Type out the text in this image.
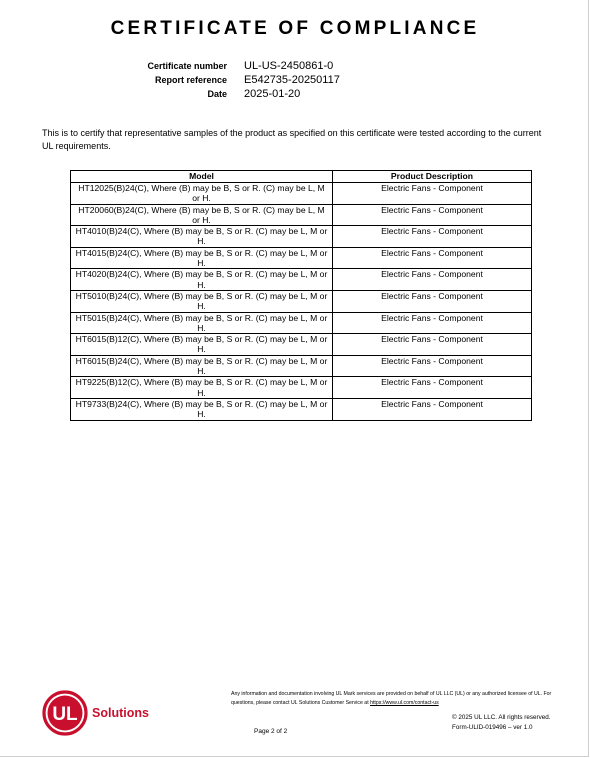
CERTIFICATE OF COMPLIANCE
Certificate number UL-US-2450861-0
Report reference E542735-20250117
Date 2025-01-20
This is to certify that representative samples of the product as specified on this certificate were tested according to the current UL requirements.
Model	Product Description
HT12025(B)24(C), Where (B) may be B, S or R. (C) may be L, M or H.	Electric Fans - Component
HT20060(B)24(C), Where (B) may be B, S or R. (C) may be L, M or H.	Electric Fans - Component
HT4010(B)24(C), Where (B) may be B, S or R. (C) may be L, M or H.	Electric Fans - Component
HT4015(B)24(C), Where (B) may be B, S or R. (C) may be L, M or H.	Electric Fans - Component
HT4020(B)24(C), Where (B) may be B, S or R. (C) may be L, M or H.	Electric Fans - Component
HT5010(B)24(C), Where (B) may be B, S or R. (C) may be L, M or H.	Electric Fans - Component
HT5015(B)24(C), Where (B) may be B, S or R. (C) may be L, M or H.	Electric Fans - Component
HT6015(B)12(C), Where (B) may be B, S or R. (C) may be L, M or H.	Electric Fans - Component
HT6015(B)24(C), Where (B) may be B, S or R. (C) may be L, M or H.	Electric Fans - Component
HT9225(B)12(C), Where (B) may be B, S or R. (C) may be L, M or H.	Electric Fans - Component
HT9733(B)24(C), Where (B) may be B, S or R. (C) may be L, M or H.	Electric Fans - Component
Any information and documentation involving UL Mark services are provided on behalf of UL LLC (UL) or any authorized licensee of UL. For questions, please contact UL Solutions Customer Service at https://www.ul.com/contact-us
UL Solutions
Page 2 of 2
© 2025 UL LLC. All rights reserved.
Form-ULID-019496 – ver 1.0
